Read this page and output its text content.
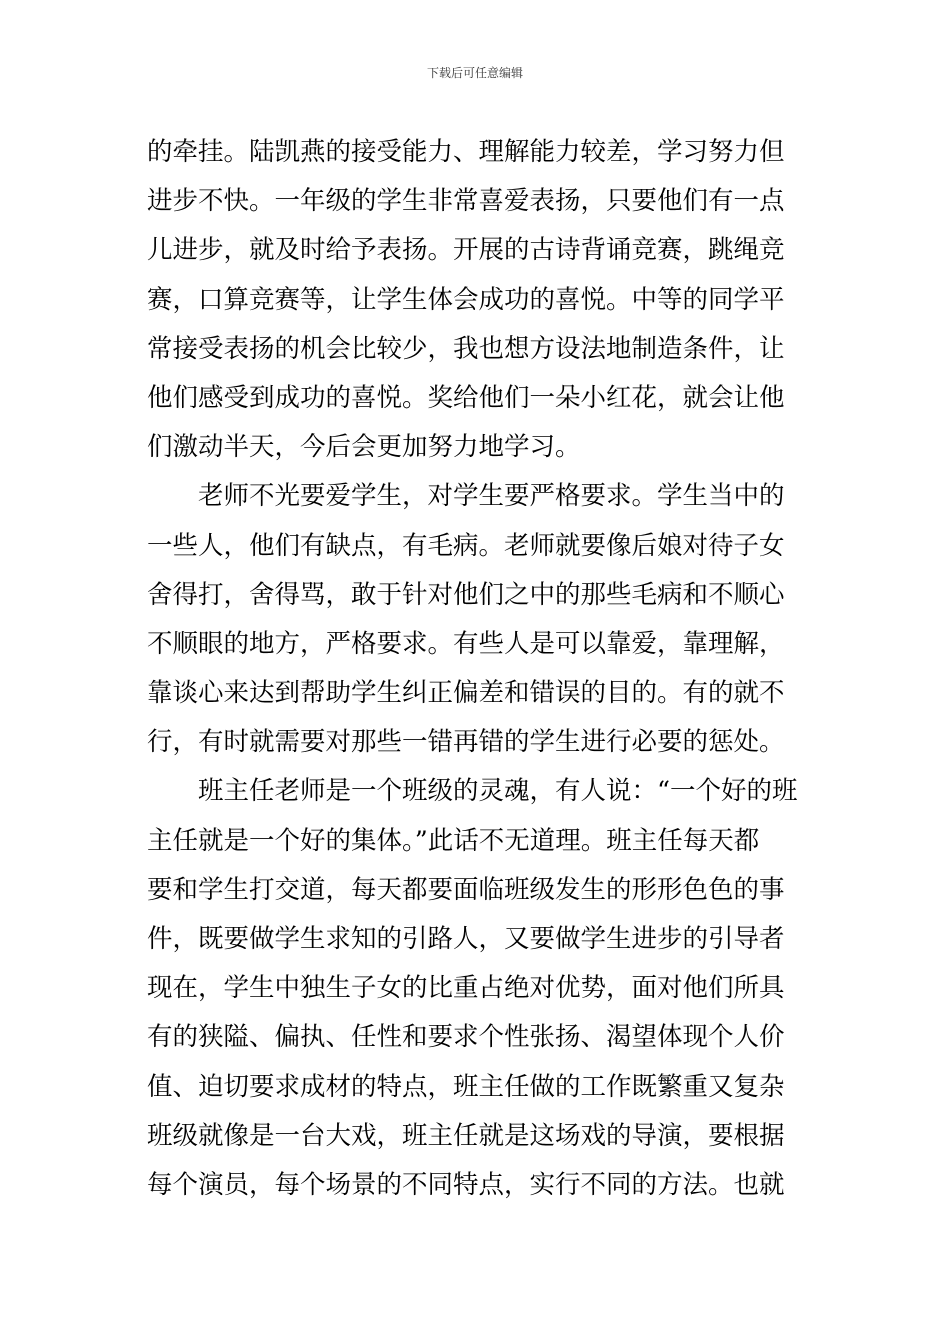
下载后可任意编辑
的牵挂。陆凯燕的接受能力、理解能力较差，学习努力但
进步不快。一年级的学生非常喜爱表扬，只要他们有一点
儿进步，就及时给予表扬。开展的古诗背诵竞赛，跳绳竞
赛，口算竞赛等，让学生体会成功的喜悦。中等的同学平
常接受表扬的机会比较少，我也想方设法地制造条件，让
他们感受到成功的喜悦。奖给他们一朵小红花，就会让他
们激动半天，今后会更加努力地学习。
老师不光要爱学生，对学生要严格要求。学生当中的
一些人，他们有缺点，有毛病。老师就要像后娘对待子女
舍得打，舍得骂，敢于针对他们之中的那些毛病和不顺心
不顺眼的地方，严格要求。有些人是可以靠爱，靠理解，
靠谈心来达到帮助学生纠正偏差和错误的目的。有的就不
行，有时就需要对那些一错再错的学生进行必要的惩处。
班主任老师是一个班级的灵魂，有人说：“一个好的班
主任就是一个好的集体。”此话不无道理。班主任每天都
要和学生打交道，每天都要面临班级发生的形形色色的事
件，既要做学生求知的引路人，又要做学生进步的引导者
现在，学生中独生子女的比重占绝对优势，面对他们所具
有的狭隘、偏执、任性和要求个性张扬、渴望体现个人价
值、迫切要求成材的特点，班主任做的工作既繁重又复杂
班级就像是一台大戏，班主任就是这场戏的导演，要根据
每个演员，每个场景的不同特点，实行不同的方法。也就
